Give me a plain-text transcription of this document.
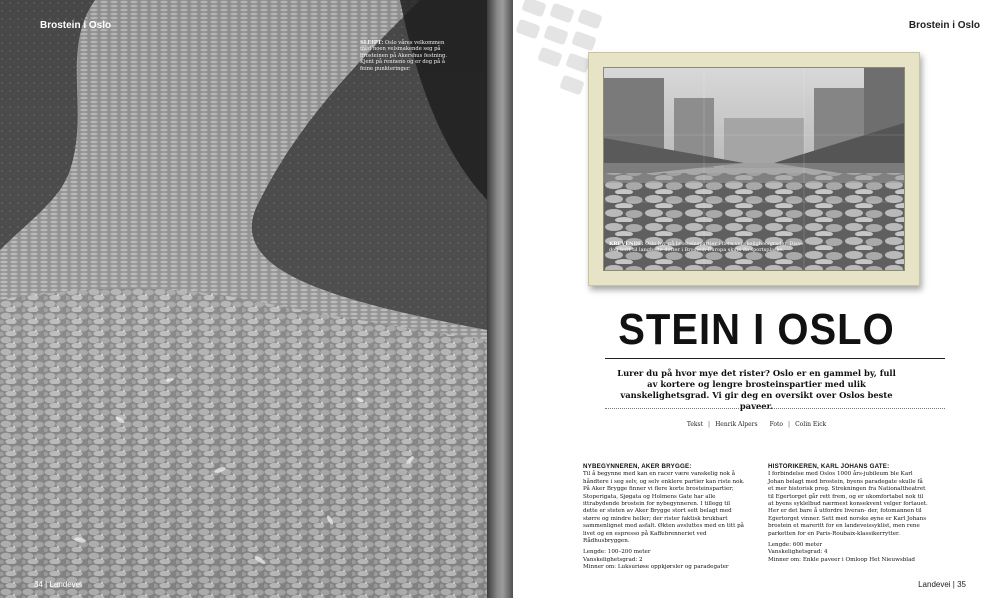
Brostein i Oslo
SLEIPT: Oslo våres velkommen med noen velsmakende seg på brosteinen på Akershus festning. Kjent på rennene og er dog på å feine punkteringer.
34 | Landevei
Brostein i Oslo
KREVENDE: Oslo byr på brosteinspartier i flere vanskelighetsgrader. Disse dog bort til langbelte detter i Brostein-Europa skuts da sportsplaske.
STEIN I OSLO
Lurer du på hvor mye det rister? Oslo er en gammel by, full av kortere og lengre brosteinspartier med ulik vanskelighetsgrad. Vi gir deg en oversikt over Oslos beste paveer.
Tekst | Henrik Alpers Foto | Colin Eick
NYBEGYNNEREN, AKER BRYGGE:

Til å begynne med kan en racer være vanskelig nok å håndtere i seg selv, og selv enklere partier kan riste nok. På Aker Brygge finner vi flere korte brosteinspartier; Stoperigata, Sjøgata og Holmens Gate har alle ittrabydende brostein for nybegynneren. I tillegg til dette er steten av Aker Brygge stort sett belagt med større og mindre heller; der rister faktisk brukbart sammenlignet med asfalt. Økten avsluttes med en titt på livet og en espresso på Kaffebrenneriet ved Rådhusbryggen.

Lengde: 100–200 meter

Vanskelighetsgrad: 2

Minner om: Luksuriøse oppkjørsler og paradegater

HISTORIKEREN, KARL JOHANS GATE:

I forbindelse med Oslos 1000 års-jubileum ble Karl Johan belagt med brostein, byens paradegate skulle få et mer historisk preg. Strekningen fra Nationaltheatret til Egertorget går rett frem, og er ukomfortabel nok til at byens syklelbud nærmest konsekvent velger fortauet. Her er det bare å utfordre liveran- der, fotomannen til Egertorget vinner. Sett med norske øyne er Karl Johans brostein et mareritt for en landeveissyklist, men rene parketten for en Paris-Roubaix-klassikerrytter.

Lengde: 600 meter

Vanskelighetsgrad: 4

Minner om: Enkle paveer i Omloop Het Nieuwsblad

Landevei | 35
